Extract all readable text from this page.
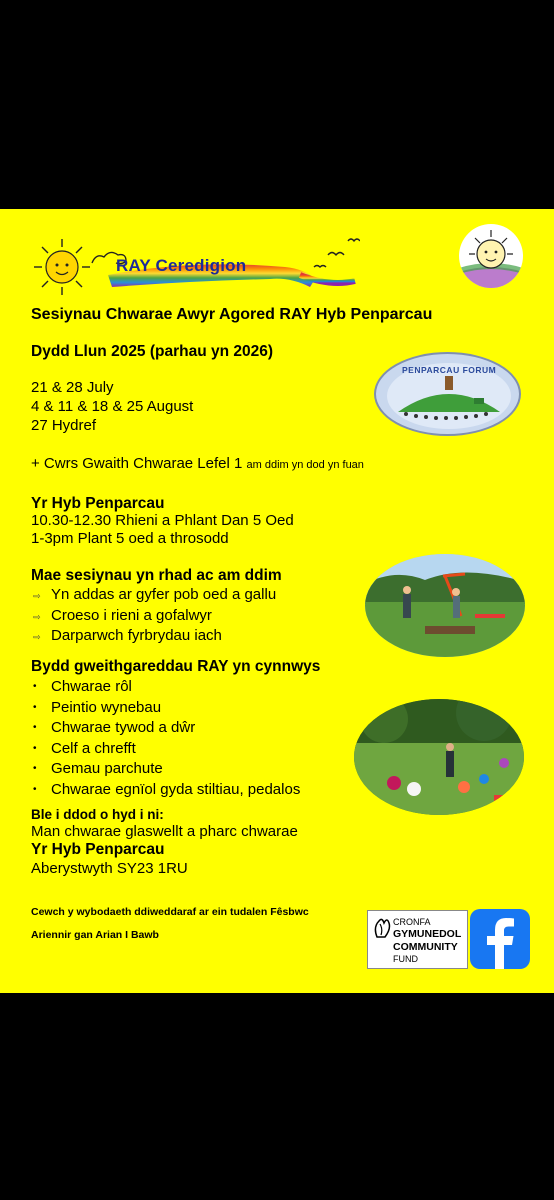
RAY Ceredigion
Sesiynau Chwarae Awyr Agored RAY Hyb Penparcau
Dydd Llun 2025 (parhau yn 2026)
21 & 28 July
4 & 11 & 18 & 25 August
27 Hydref
PENPARCAU FORUM
+ Cwrs Gwaith Chwarae Lefel 1 am ddim yn dod yn fuan
Yr Hyb Penparcau
10.30-12.30 Rhieni a Phlant Dan 5 Oed
1-3pm Plant 5 oed a throsodd
Mae sesiynau yn rhad ac am ddim
⇨ Yn addas ar gyfer pob oed a gallu
⇨ Croeso i rieni a gofalwyr
⇨ Darparwch fyrbrydau iach
Bydd gweithgareddau RAY yn cynnwys
• Chwarae rôl
• Peintio wynebau
• Chwarae tywod a dŵr
• Celf a chrefft
• Gemau parchute
• Chwarae egnïol gyda stiltiau, pedalos
Ble i ddod o hyd i ni:
Man chwarae glaswellt a pharc chwarae
Yr Hyb Penparcau
Aberystwyth SY23 1RU
Cewch y wybodaeth ddiweddaraf ar ein tudalen Fêsbwc
Ariennir gan Arian I Bawb
CRONFA
GYMUNEDOL
COMMUNITY
FUND
